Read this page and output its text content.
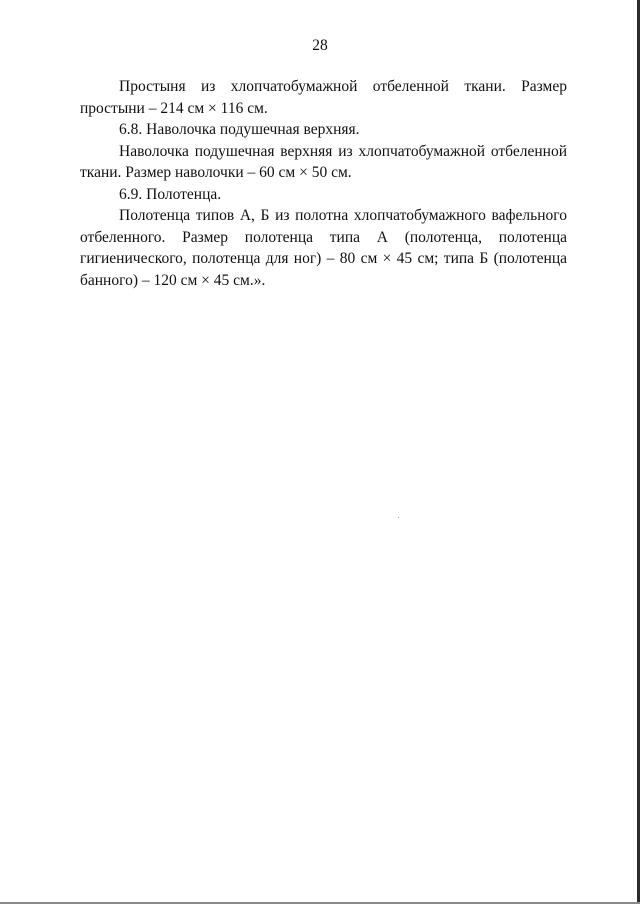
28

Простыня из хлопчатобумажной отбеленной ткани. Размер простыни – 214 см × 116 см.

6.8. Наволочка подушечная верхняя.

Наволочка подушечная верхняя из хлопчатобумажной отбеленной ткани. Размер наволочки – 60 см × 50 см.

6.9. Полотенца.

Полотенца типов А, Б из полотна хлопчатобумажного вафельного отбеленного. Размер полотенца типа А (полотенца, полотенца гигиенического, полотенца для ног) – 80 см × 45 см; типа Б (полотенца банного) – 120 см × 45 см.».
